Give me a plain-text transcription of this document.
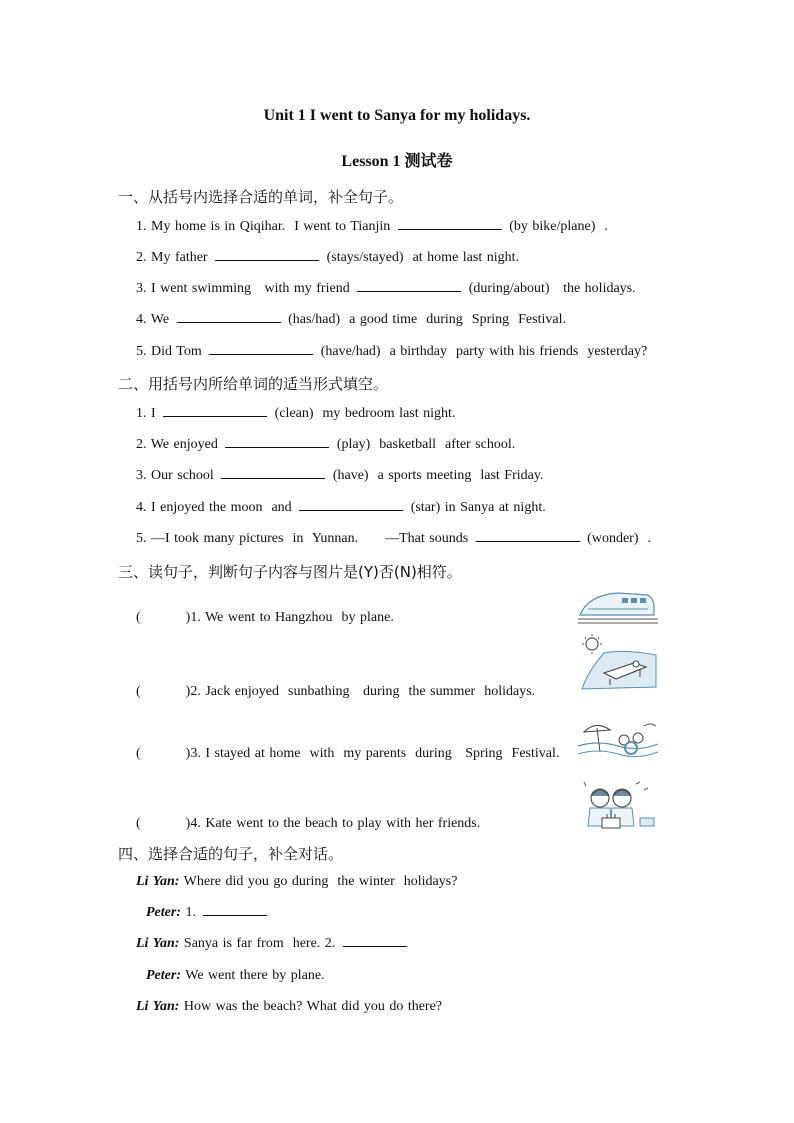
Unit 1 I went to Sanya for my holidays.
Lesson 1 测试卷
一、从括号内选择合适的单词，补全句子。
1. My home is in Qiqihar.  I went to Tianjin	(by bike/plane)  .
2. My father	(stays/stayed)  at home last night.
3. I went swimming   with my friend	(during/about)   the holidays.
4. We	(has/had)  a good time  during  Spring  Festival.
5. Did Tom	(have/had)  a birthday  party with his friends  yesterday?
二、用括号内所给单词的适当形式填空。
1. I	(clean)  my bedroom last night.
2. We enjoyed	(play)  basketball  after school.
3. Our school	(have)  a sports meeting  last Friday.
4. I enjoyed the moon  and	(star) in Sanya at night.
5. —I took many pictures  in  Yunnan.      —That sounds	(wonder)  .
三、读句子，判断句子内容与图片是(Y)否(N)相符。
(          )1. We went to Hangzhou  by plane.
(          )2. Jack enjoyed  sunbathing   during  the summer  holidays.
(          )3. I stayed at home  with  my parents  during   Spring  Festival.
(          )4. Kate went to the beach to play with her friends.
四、选择合适的句子，补全对话。
Li Yan: Where did you go during  the winter  holidays?
Peter: 1.
Li Yan: Sanya is far from  here. 2.
Peter: We went there by plane.
Li Yan: How was the beach? What did you do there?
